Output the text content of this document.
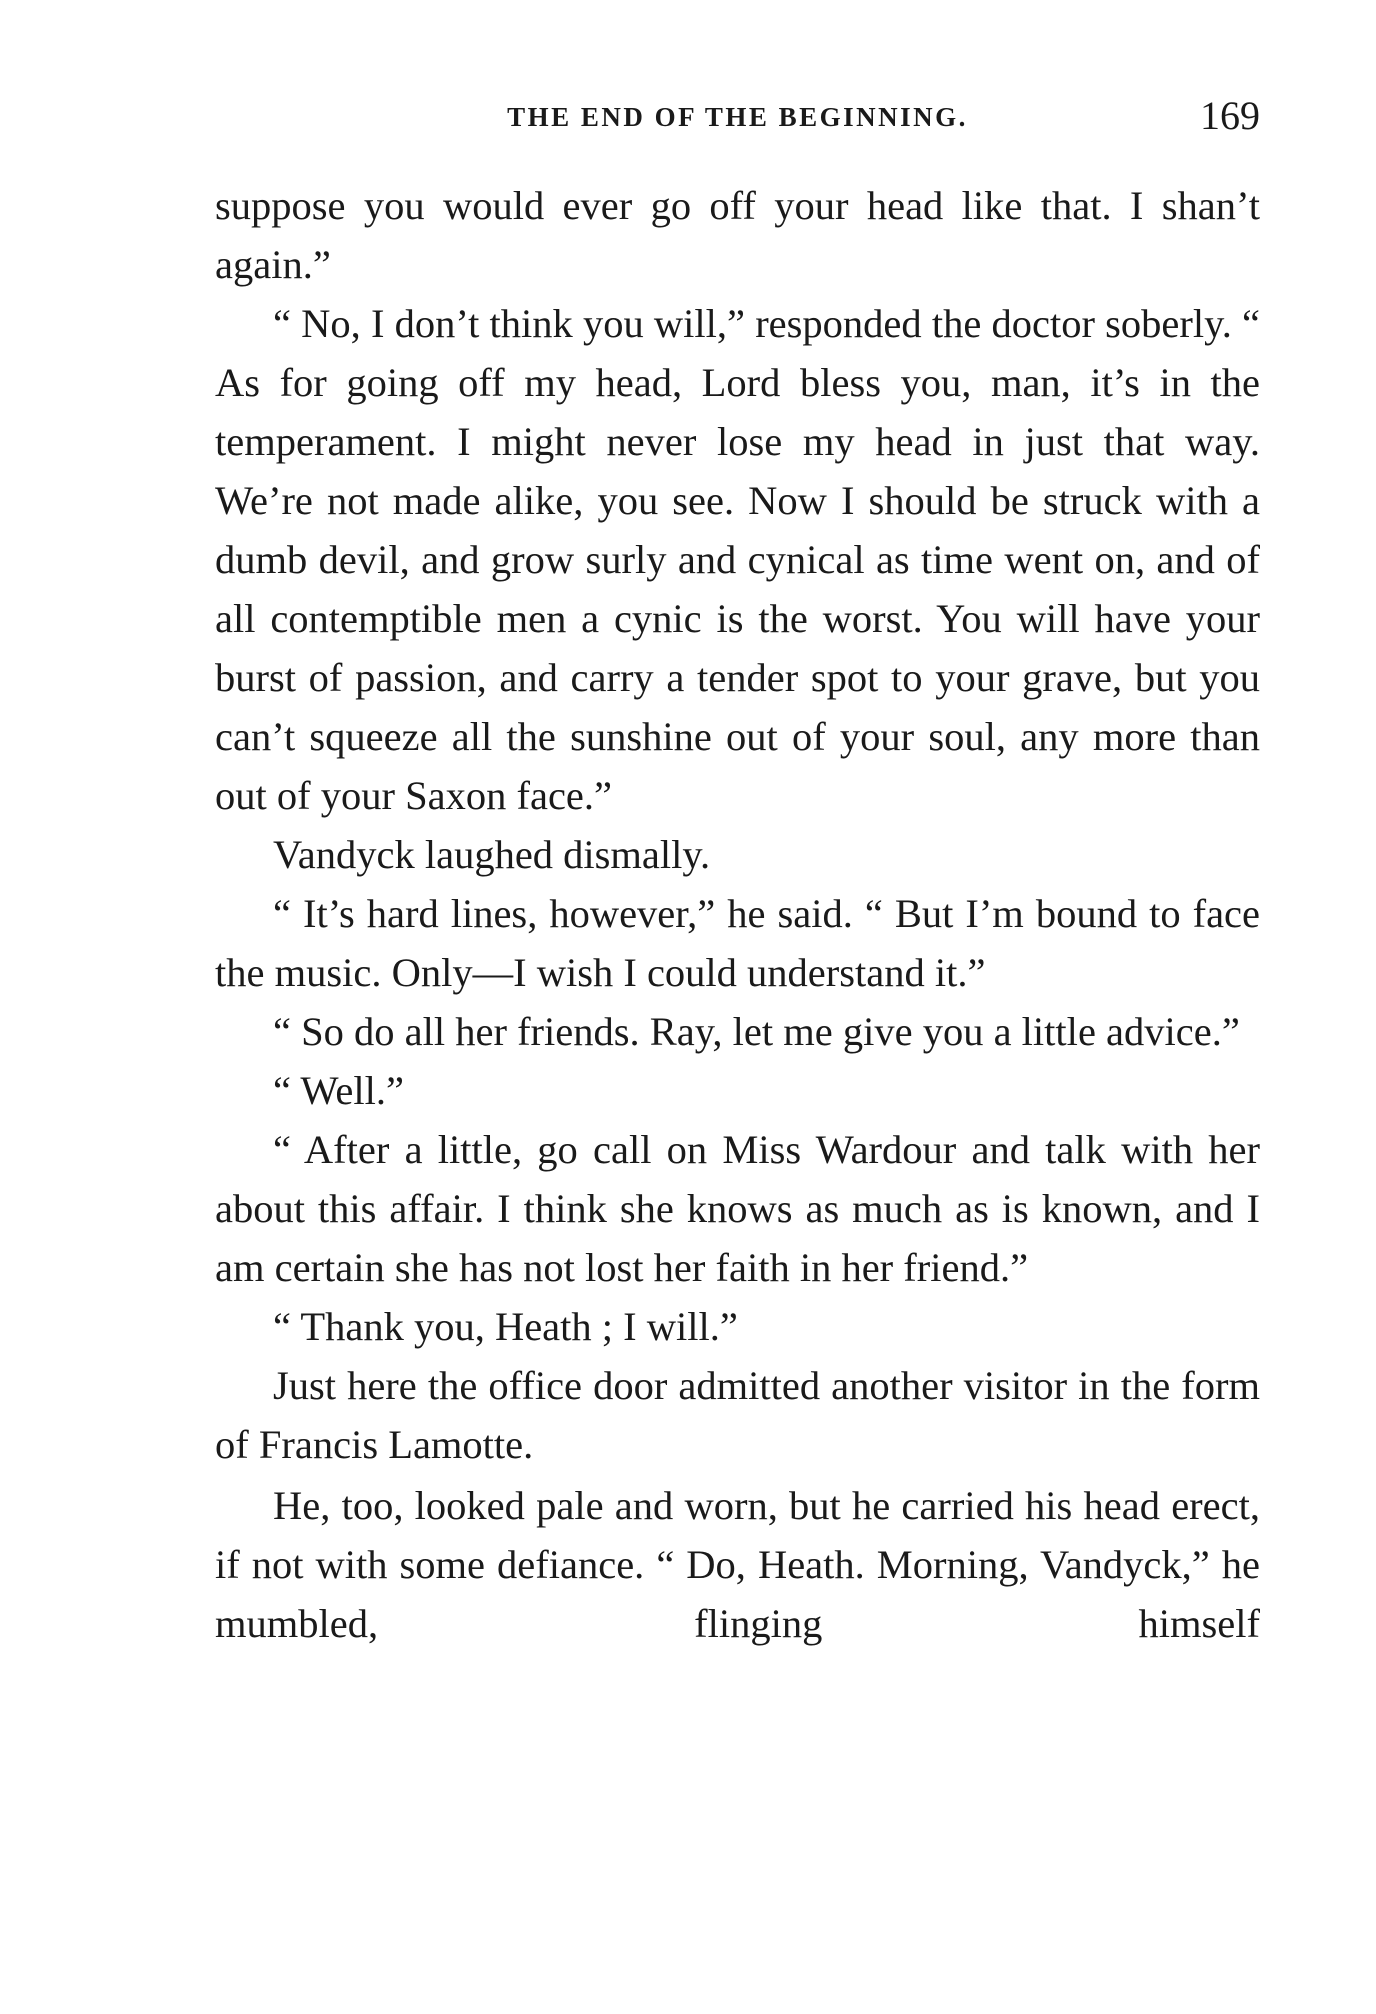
THE END OF THE BEGINNING.	169

suppose you would ever go off your head like that. I shan’t again.”

“ No, I don’t think you will,” responded the doctor soberly. “ As for going off my head, Lord bless you, man, it’s in the temperament. I might never lose my head in just that way. We’re not made alike, you see. Now I should be struck with a dumb devil, and grow surly and cynical as time went on, and of all contemptible men a cynic is the worst. You will have your burst of passion, and carry a tender spot to your grave, but you can’t squeeze all the sunshine out of your soul, any more than out of your Saxon face.”

Vandyck laughed dismally.

“ It’s hard lines, however,” he said. “ But I’m bound to face the music. Only—I wish I could understand it.”

“ So do all her friends. Ray, let me give you a little advice.”

“ Well.”

“ After a little, go call on Miss Wardour and talk with her about this affair. I think she knows as much as is known, and I am certain she has not lost her faith in her friend.”

“ Thank you, Heath ; I will.”

Just here the office door admitted another visitor in the form of Francis Lamotte.

He, too, looked pale and worn, but he carried his head erect, if not with some defiance. “ Do, Heath. Morning, Vandyck,” he mumbled, flinging himself
